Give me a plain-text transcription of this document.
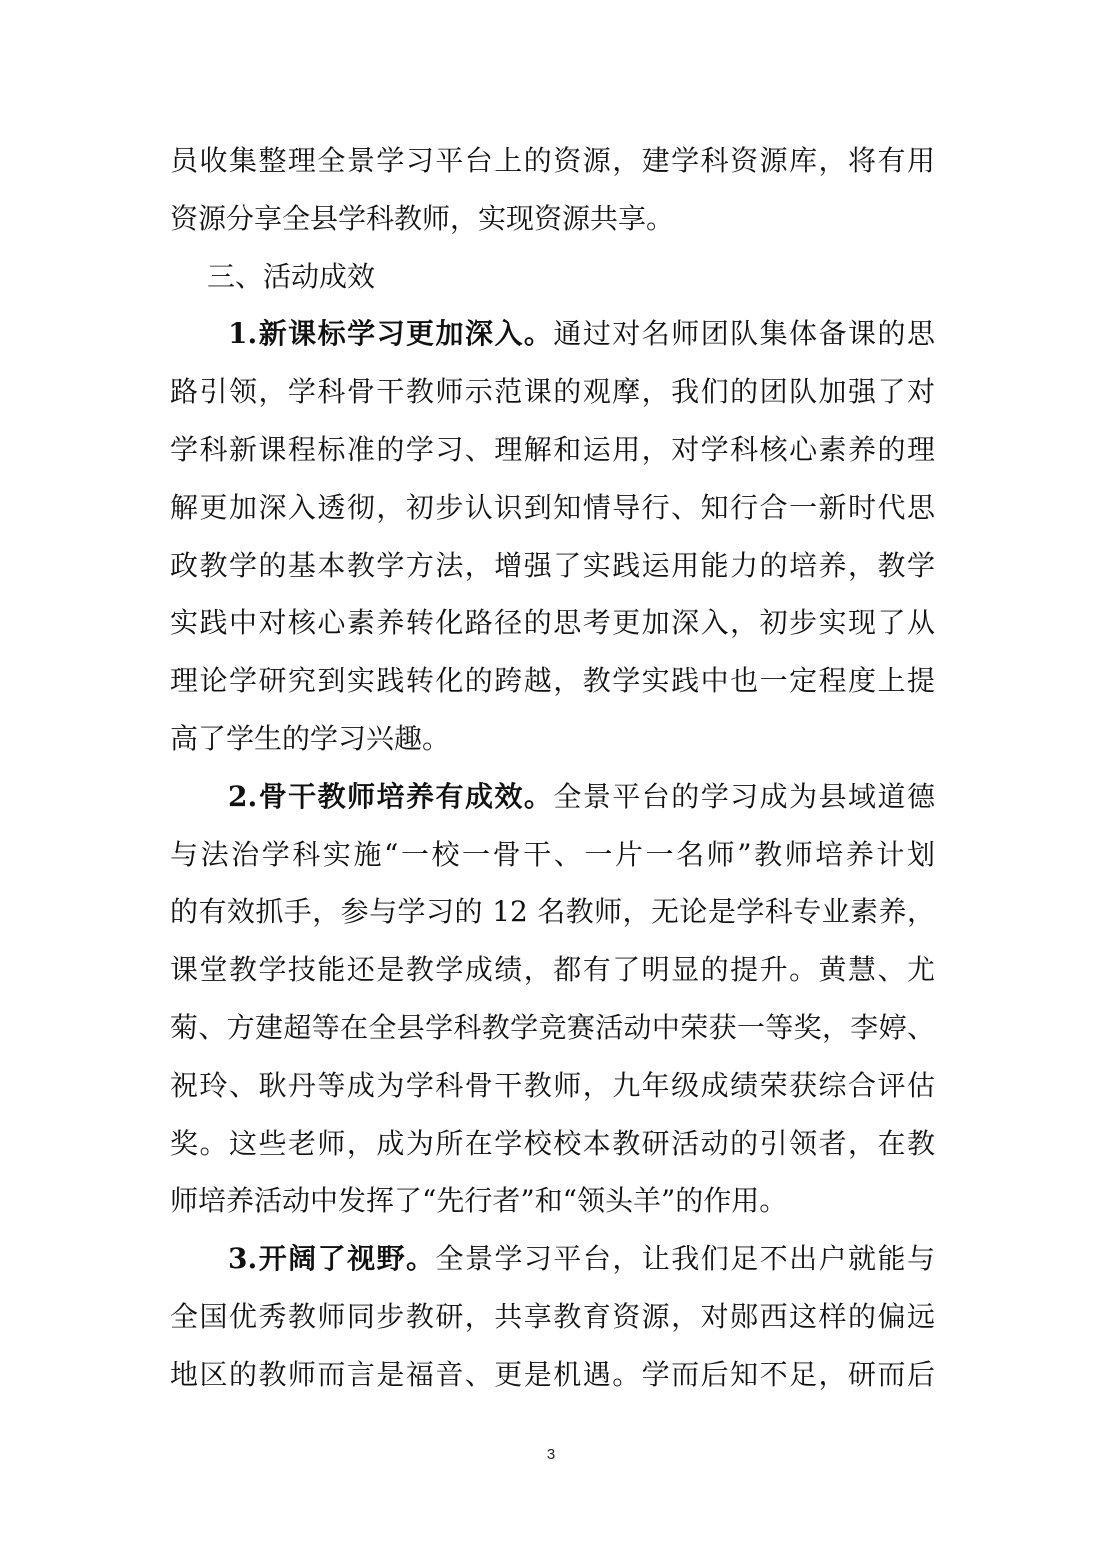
员收集整理全景学习平台上的资源，建学科资源库，将有用
资源分享全县学科教师，实现资源共享。
三、活动成效
1.新课标学习更加深入。通过对名师团队集体备课的思
路引领，学科骨干教师示范课的观摩，我们的团队加强了对
学科新课程标准的学习、理解和运用，对学科核心素养的理
解更加深入透彻，初步认识到知情导行、知行合一新时代思
政教学的基本教学方法，增强了实践运用能力的培养，教学
实践中对核心素养转化路径的思考更加深入，初步实现了从
理论学研究到实践转化的跨越，教学实践中也一定程度上提
高了学生的学习兴趣。
2.骨干教师培养有成效。全景平台的学习成为县域道德
与法治学科实施“一校一骨干、一片一名师”教师培养计划
的有效抓手，参与学习的 12 名教师，无论是学科专业素养，
课堂教学技能还是教学成绩，都有了明显的提升。黄慧、尤
菊、方建超等在全县学科教学竞赛活动中荣获一等奖，李婷、
祝玲、耿丹等成为学科骨干教师，九年级成绩荣获综合评估
奖。这些老师，成为所在学校校本教研活动的引领者，在教
师培养活动中发挥了“先行者”和“领头羊”的作用。
3.开阔了视野。全景学习平台，让我们足不出户就能与
全国优秀教师同步教研，共享教育资源，对郧西这样的偏远
地区的教师而言是福音、更是机遇。学而后知不足，研而后
3
